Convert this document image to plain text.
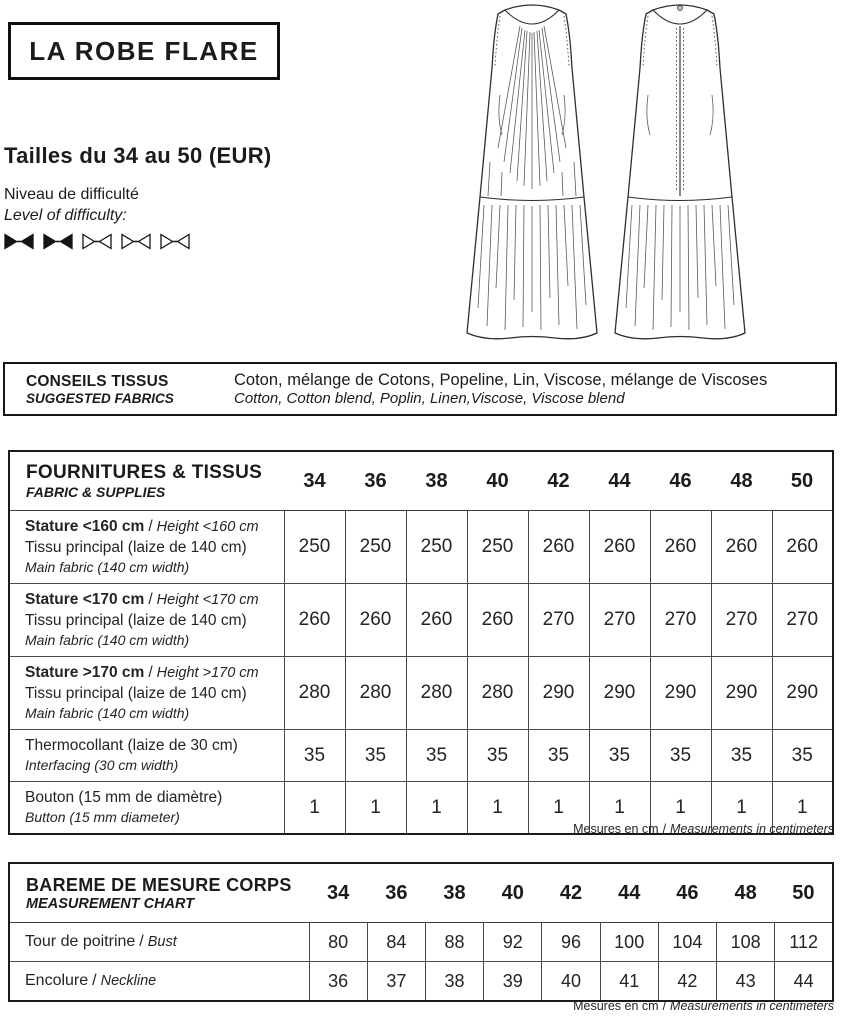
LA ROBE FLARE
Tailles du 34 au 50 (EUR)
Niveau de difficulté
Level of difficulty:
CONSEILS TISSUS
SUGGESTED FABRICS
Coton, mélange de Cotons, Popeline, Lin, Viscose, mélange de Viscoses
Cotton, Cotton blend, Poplin, Linen,Viscose, Viscose blend
FOURNITURES & TISSUS
FABRIC & SUPPLIES	34	36	38	40	42	44	46	48	50

Stature <160 cm / Height <160 cm
Tissu principal (laize de 140 cm)
Main fabric (140 cm width)	250	250	250	250	260	260	260	260	260

Stature <170 cm / Height <170 cm
Tissu principal (laize de 140 cm)
Main fabric (140 cm width)	260	260	260	260	270	270	270	270	270

Stature >170 cm / Height >170 cm
Tissu principal (laize de 140 cm)
Main fabric (140 cm width)	280	280	280	280	290	290	290	290	290

Thermocollant (laize de 30 cm)
Interfacing (30 cm width)	35	35	35	35	35	35	35	35	35

Bouton (15 mm de diamètre)
Button (15 mm diameter)	1	1	1	1	1	1	1	1	1
Mesures en cm / Measurements in centimeters
BAREME DE MESURE CORPS
MEASUREMENT CHART	34	36	38	40	42	44	46	48	50
Tour de poitrine / Bust	80	84	88	92	96	100	104	108	112
Encolure / Neckline	36	37	38	39	40	41	42	43	44
Mesures en cm / Measurements in centimeters
